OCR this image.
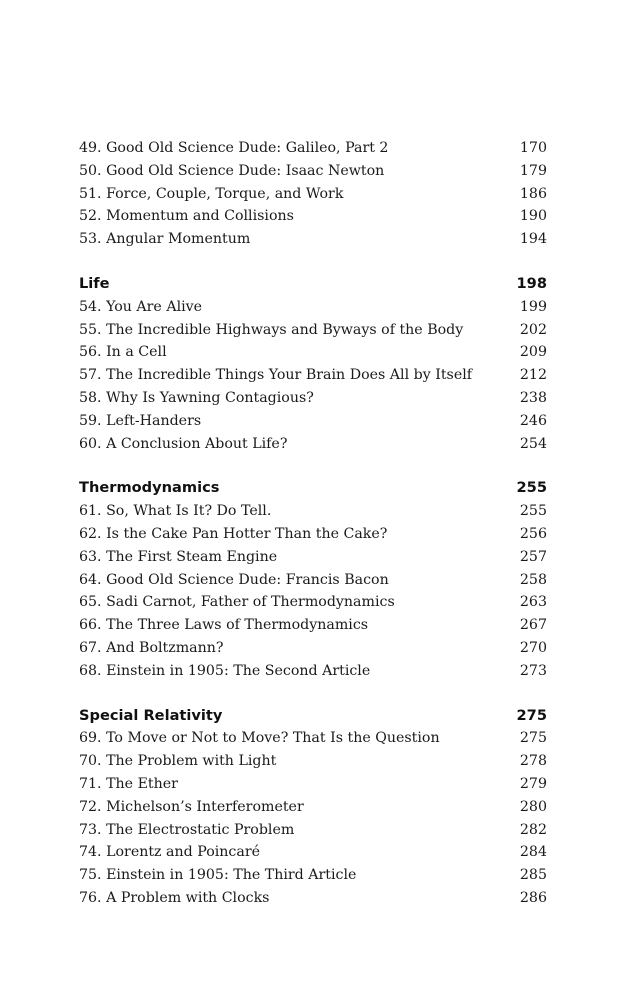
49. Good Old Science Dude: Galileo, Part 2	170
50. Good Old Science Dude: Isaac Newton	179
51. Force, Couple, Torque, and Work	186
52. Momentum and Collisions	190
53. Angular Momentum	194
Life	198
54. You Are Alive	199
55. The Incredible Highways and Byways of the Body	202
56. In a Cell	209
57. The Incredible Things Your Brain Does All by Itself	212
58. Why Is Yawning Contagious?	238
59. Left-Handers	246
60. A Conclusion About Life?	254
Thermodynamics	255
61. So, What Is It? Do Tell.	255
62. Is the Cake Pan Hotter Than the Cake?	256
63. The First Steam Engine	257
64. Good Old Science Dude: Francis Bacon	258
65. Sadi Carnot, Father of Thermodynamics	263
66. The Three Laws of Thermodynamics	267
67. And Boltzmann?	270
68. Einstein in 1905: The Second Article	273
Special Relativity	275
69. To Move or Not to Move? That Is the Question	275
70. The Problem with Light	278
71. The Ether	279
72. Michelson’s Interferometer	280
73. The Electrostatic Problem	282
74. Lorentz and Poincaré	284
75. Einstein in 1905: The Third Article	285
76. A Problem with Clocks	286
